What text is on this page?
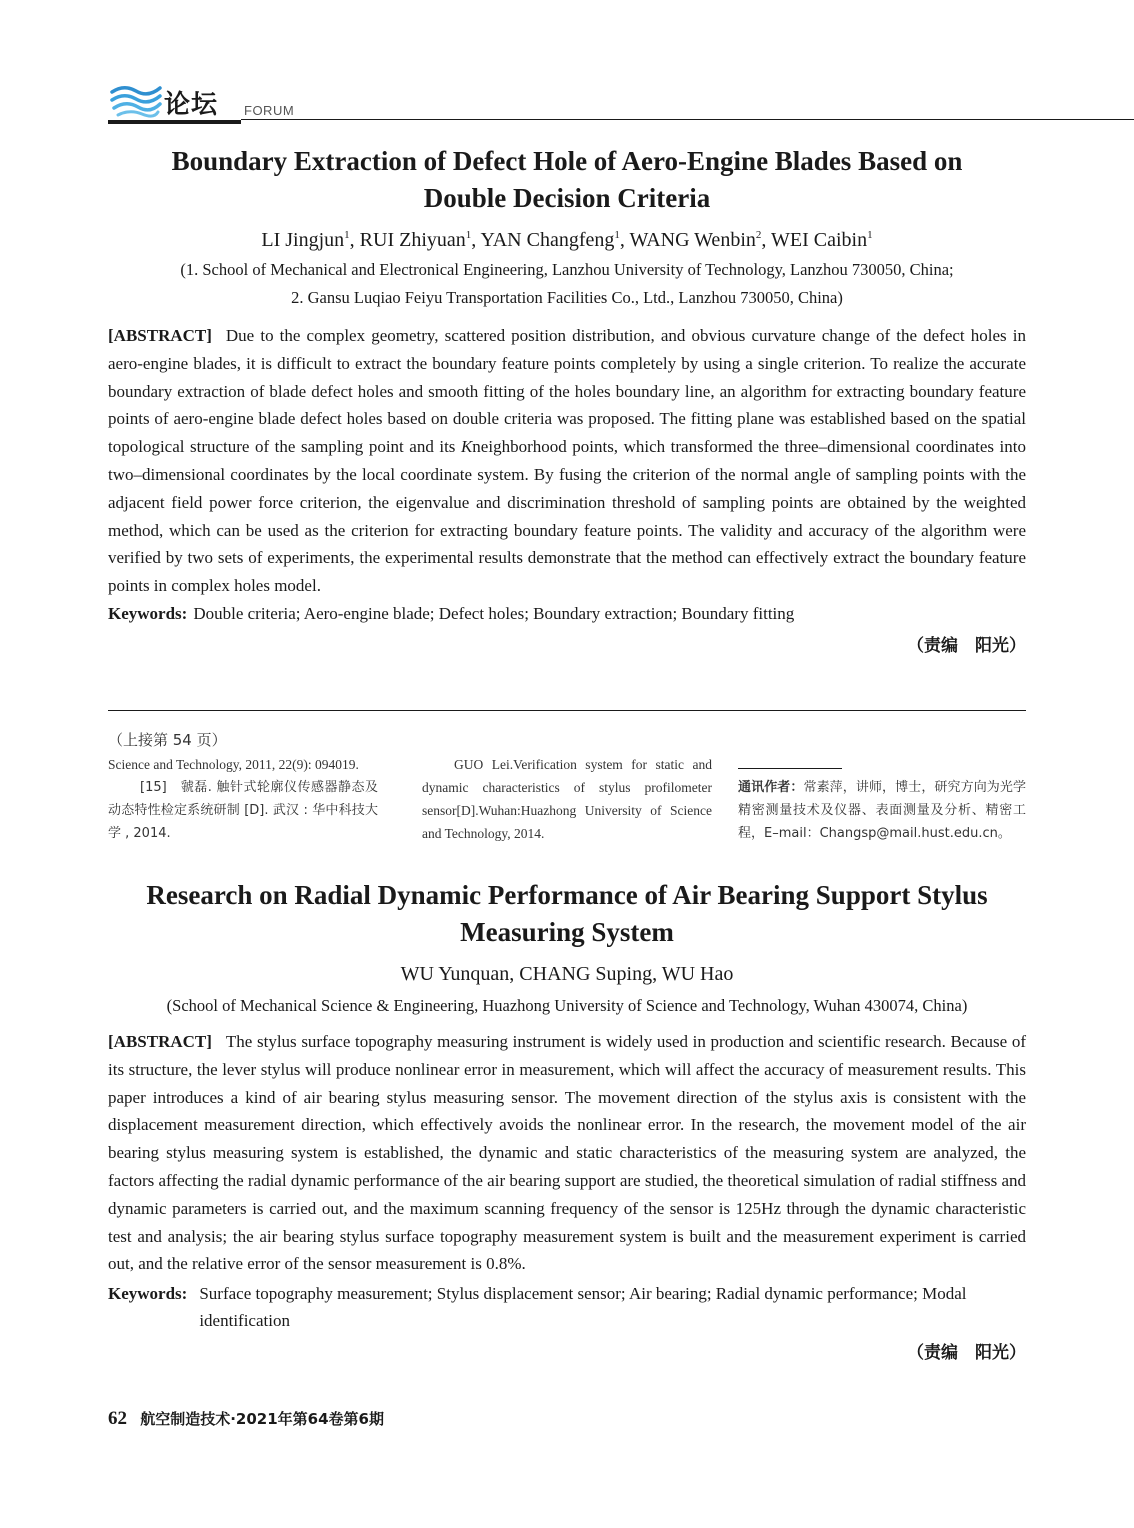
论坛 FORUM

Boundary Extraction of Defect Hole of Aero-Engine Blades Based on
Double Decision Criteria

LI Jingjun$^1$, RUI Zhiyuan$^1$, YAN Changfeng$^1$, WANG Wenbin$^2$, WEI Caibin$^1$

(1. School of Mechanical and Electronical Engineering, Lanzhou University of Technology, Lanzhou 730050, China;
2. Gansu Luqiao Feiyu Transportation Facilities Co., Ltd., Lanzhou 730050, China)

[ABSTRACT] Due to the complex geometry, scattered position distribution, and obvious curvature change of the defect holes in aero-engine blades, it is difficult to extract the boundary feature points completely by using a single criterion. To realize the accurate boundary extraction of blade defect holes and smooth fitting of the holes boundary line, an algorithm for extracting boundary feature points of aero-engine blade defect holes based on double criteria was proposed. The fitting plane was established based on the spatial topological structure of the sampling point and its Kneighborhood points, which transformed the three–dimensional coordinates into two–dimensional coordinates by the local coordinate system. By fusing the criterion of the normal angle of sampling points with the adjacent field power force criterion, the eigenvalue and discrimination threshold of sampling points are obtained by the weighted method, which can be used as the criterion for extracting boundary feature points. The validity and accuracy of the algorithm were verified by two sets of experiments, the experimental results demonstrate that the method can effectively extract the boundary feature points in complex holes model.

Keywords: Double criteria; Aero-engine blade; Defect holes; Boundary extraction; Boundary fitting

（责编　阳光）

（上接第 54 页）
Science and Technology, 2011, 22(9): 094019.
[15]　虢磊. 触针式轮廓仪传感器静态及动态特性检定系统研制 [D]. 武汉 : 华中科技大学 , 2014.
GUO Lei.Verification system for static and dynamic characteristics of stylus profilometer sensor[D].Wuhan:Huazhong University of Science and Technology, 2014.
通讯作者：常素萍，讲师，博士，研究方向为光学精密测量技术及仪器、表面测量及分析、精密工程，E–mail：Changsp@mail.hust.edu.cn。

Research on Radial Dynamic Performance of Air Bearing Support Stylus
Measuring System

WU Yunquan, CHANG Suping, WU Hao

(School of Mechanical Science & Engineering, Huazhong University of Science and Technology, Wuhan 430074, China)

[ABSTRACT] The stylus surface topography measuring instrument is widely used in production and scientific research. Because of its structure, the lever stylus will produce nonlinear error in measurement, which will affect the accuracy of measurement results. This paper introduces a kind of air bearing stylus measuring sensor. The movement direction of the stylus axis is consistent with the displacement measurement direction, which effectively avoids the nonlinear error. In the research, the movement model of the air bearing stylus measuring system is established, the dynamic and static characteristics of the measuring system are analyzed, the factors affecting the radial dynamic performance of the air bearing support are studied, the theoretical simulation of radial stiffness and dynamic parameters is carried out, and the maximum scanning frequency of the sensor is 125Hz through the dynamic characteristic test and analysis; the air bearing stylus surface topography measurement system is built and the measurement experiment is carried out, and the relative error of the sensor measurement is 0.8%.

Keywords: Surface topography measurement; Stylus displacement sensor; Air bearing; Radial dynamic performance; Modal identification

（责编　阳光）

62 航空制造技术·2021年第64卷第6期
